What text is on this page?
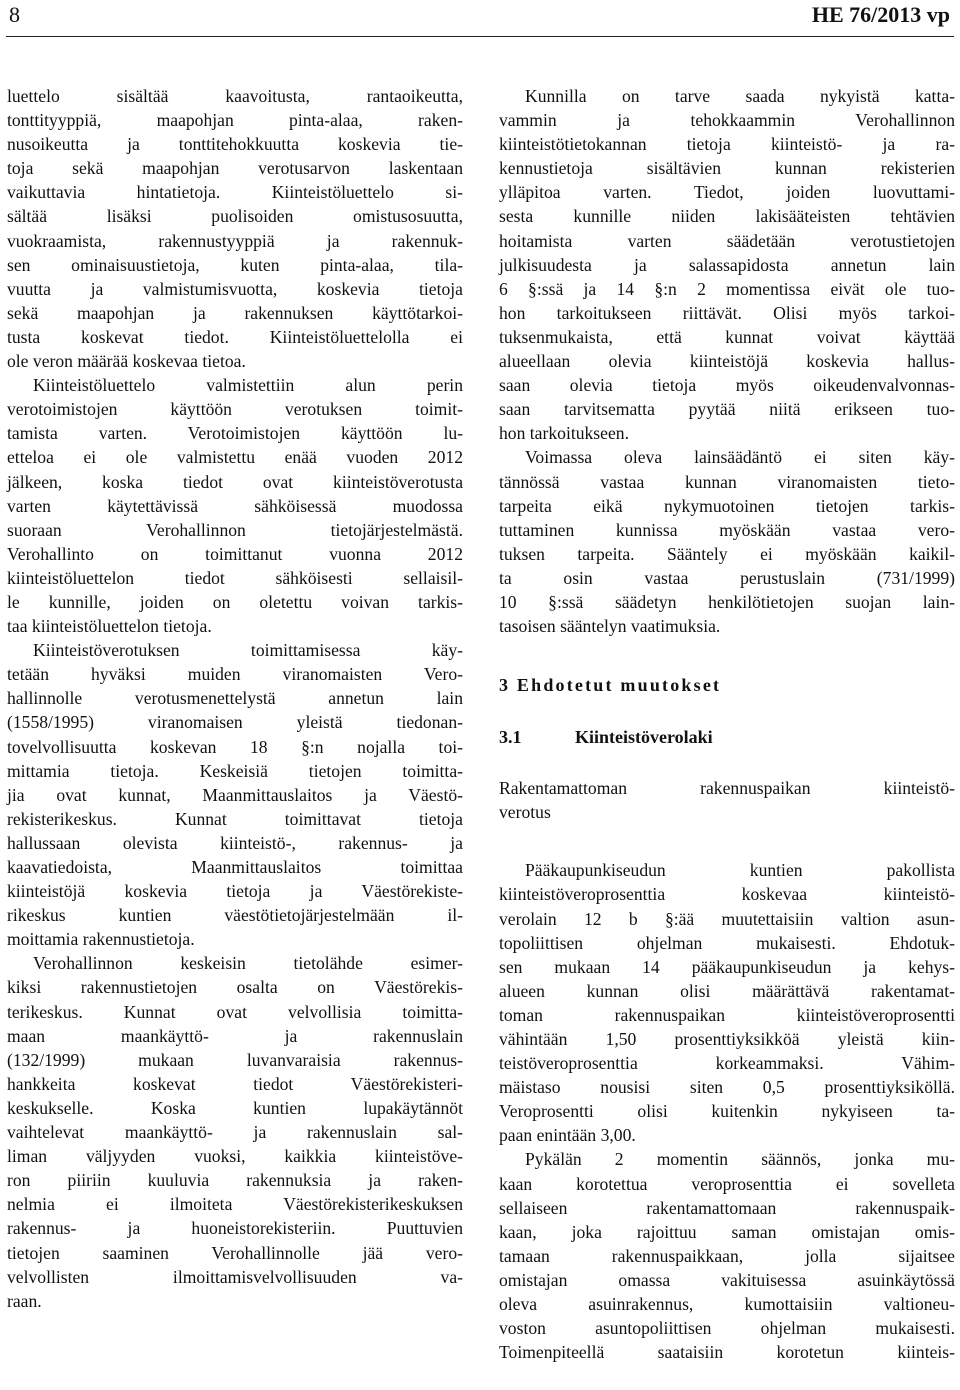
8	HE 76/2013 vp
luettelo sisältää kaavoitusta, rantaoikeutta,
tonttityyppiä, maapohjan pinta-alaa, raken-
nusoikeutta ja tonttitehokkuutta koskevia tie-
toja sekä maapohjan verotusarvon laskentaan
vaikuttavia hintatietoja. Kiinteistöluettelo si-
sältää lisäksi puolisoiden omistusosuutta,
vuokraamista, rakennustyyppiä ja rakennuk-
sen ominaisuustietoja, kuten pinta-alaa, tila-
vuutta ja valmistumisvuotta, koskevia tietoja
sekä maapohjan ja rakennuksen käyttötarkoi-
tusta koskevat tiedot. Kiinteistöluettelolla ei
ole veron määrää koskevaa tietoa.
Kiinteistöluettelo valmistettiin alun perin
verotoimistojen käyttöön verotuksen toimit-
tamista varten. Verotoimistojen käyttöön lu-
etteloa ei ole valmistettu enää vuoden 2012
jälkeen, koska tiedot ovat kiinteistöverotusta
varten käytettävissä sähköisessä muodossa
suoraan Verohallinnon tietojärjestelmästä.
Verohallinto on toimittanut vuonna 2012
kiinteistöluettelon tiedot sähköisesti sellaisil-
le kunnille, joiden on oletettu voivan tarkis-
taa kiinteistöluettelon tietoja.
Kiinteistöverotuksen toimittamisessa käy-
tetään hyväksi muiden viranomaisten Vero-
hallinnolle verotusmenettelystä annetun lain
(1558/1995) viranomaisen yleistä tiedonan-
tovelvollisuutta koskevan 18 §:n nojalla toi-
mittamia tietoja. Keskeisiä tietojen toimitta-
jia ovat kunnat, Maanmittauslaitos ja Väestö-
rekisterikeskus. Kunnat toimittavat tietoja
hallussaan olevista kiinteistö-, rakennus- ja
kaavatiedoista, Maanmittauslaitos toimittaa
kiinteistöjä koskevia tietoja ja Väestörekiste-
rikeskus kuntien väestötietojärjestelmään il-
moittamia rakennustietoja.
Verohallinnon keskeisin tietolähde esimer-
kiksi rakennustietojen osalta on Väestörekis-
terikeskus. Kunnat ovat velvollisia toimitta-
maan maankäyttö- ja rakennuslain
(132/1999) mukaan luvanvaraisia rakennus-
hankkeita koskevat tiedot Väestörekisteri-
keskukselle. Koska kuntien lupakäytännöt
vaihtelevat maankäyttö- ja rakennuslain sal-
liman väljyyden vuoksi, kaikkia kiinteistöve-
ron piiriin kuuluvia rakennuksia ja raken-
nelmia ei ilmoiteta Väestörekisterikeskuksen
rakennus- ja huoneistorekisteriin. Puuttuvien
tietojen saaminen Verohallinnolle jää vero-
velvollisten ilmoittamisvelvollisuuden va-
raan.
Kunnilla on tarve saada nykyistä katta-
vammin ja tehokkaammin Verohallinnon
kiinteistötietokannan tietoja kiinteistö- ja ra-
kennustietoja sisältävien kunnan rekisterien
ylläpitoa varten. Tiedot, joiden luovuttami-
sesta kunnille niiden lakisääteisten tehtävien
hoitamista varten säädetään verotustietojen
julkisuudesta ja salassapidosta annetun lain
6 §:ssä ja 14 §:n 2 momentissa eivät ole tuo-
hon tarkoitukseen riittävät. Olisi myös tarkoi-
tuksenmukaista, että kunnat voivat käyttää
alueellaan olevia kiinteistöjä koskevia hallus-
saan olevia tietoja myös oikeudenvalvonnas-
saan tarvitsematta pyytää niitä erikseen tuo-
hon tarkoitukseen.
Voimassa oleva lainsäädäntö ei siten käy-
tännössä vastaa kunnan viranomaisten tieto-
tarpeita eikä nykymuotoinen tietojen tarkis-
tuttaminen kunnissa myöskään vastaa vero-
tuksen tarpeita. Sääntely ei myöskään kaikil-
ta osin vastaa perustuslain (731/1999)
10 §:ssä säädetyn henkilötietojen suojan lain-
tasoisen sääntelyn vaatimuksia.
3 Ehdotetut muutokset
3.1	Kiinteistöverolaki
Rakentamattoman rakennuspaikan kiinteistö-
verotus
Pääkaupunkiseudun kuntien pakollista
kiinteistöveroprosenttia koskevaa kiinteistö-
verolain 12 b §:ää muutettaisiin valtion asun-
topoliittisen ohjelman mukaisesti. Ehdotuk-
sen mukaan 14 pääkaupunkiseudun ja kehys-
alueen kunnan olisi määrättävä rakentamat-
toman rakennuspaikan kiinteistöveroprosentti
vähintään 1,50 prosenttiyksikköä yleistä kiin-
teistöveroprosenttia korkeammaksi. Vähim-
mäistaso nousisi siten 0,5 prosenttiyksiköllä.
Veroprosentti olisi kuitenkin nykyiseen ta-
paan enintään 3,00.
Pykälän 2 momentin säännös, jonka mu-
kaan korotettua veroprosenttia ei sovelleta
sellaiseen rakentamattomaan rakennuspaik-
kaan, joka rajoittuu saman omistajan omis-
tamaan rakennuspaikkaan, jolla sijaitsee
omistajan omassa vakituisessa asuinkäytössä
oleva asuinrakennus, kumottaisiin valtioneu-
voston asuntopoliittisen ohjelman mukaisesti.
Toimenpiteellä saataisiin korotetun kiinteis-
